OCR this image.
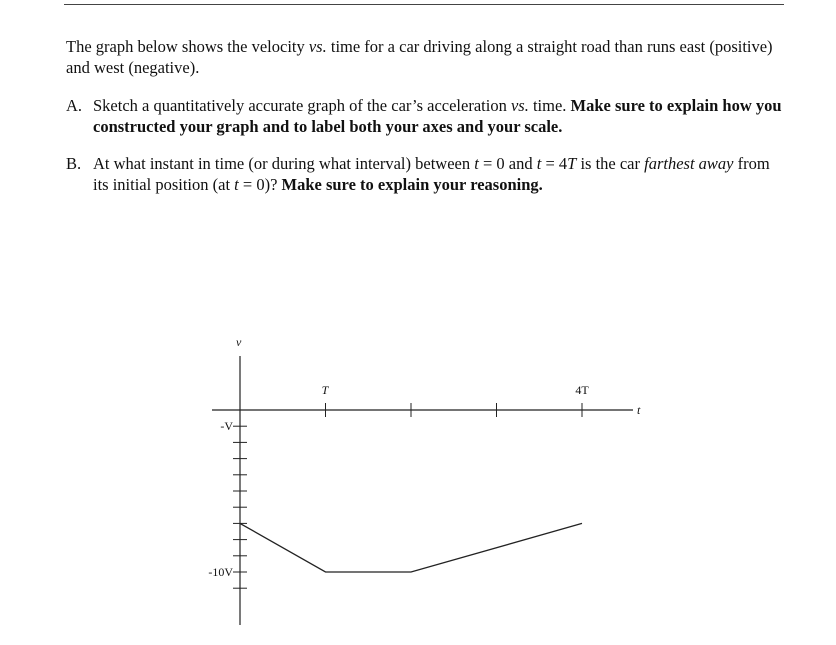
The graph below shows the velocity vs. time for a car driving along a straight road than runs east (positive) and west (negative).
A. Sketch a quantitatively accurate graph of the car’s acceleration vs. time. Make sure to explain how you constructed your graph and to label both your axes and your scale.
B. At what instant in time (or during what interval) between t = 0 and t = 4T is the car farthest away from its initial position (at t = 0)? Make sure to explain your reasoning.
v
t
T	4T
-V
-10V
